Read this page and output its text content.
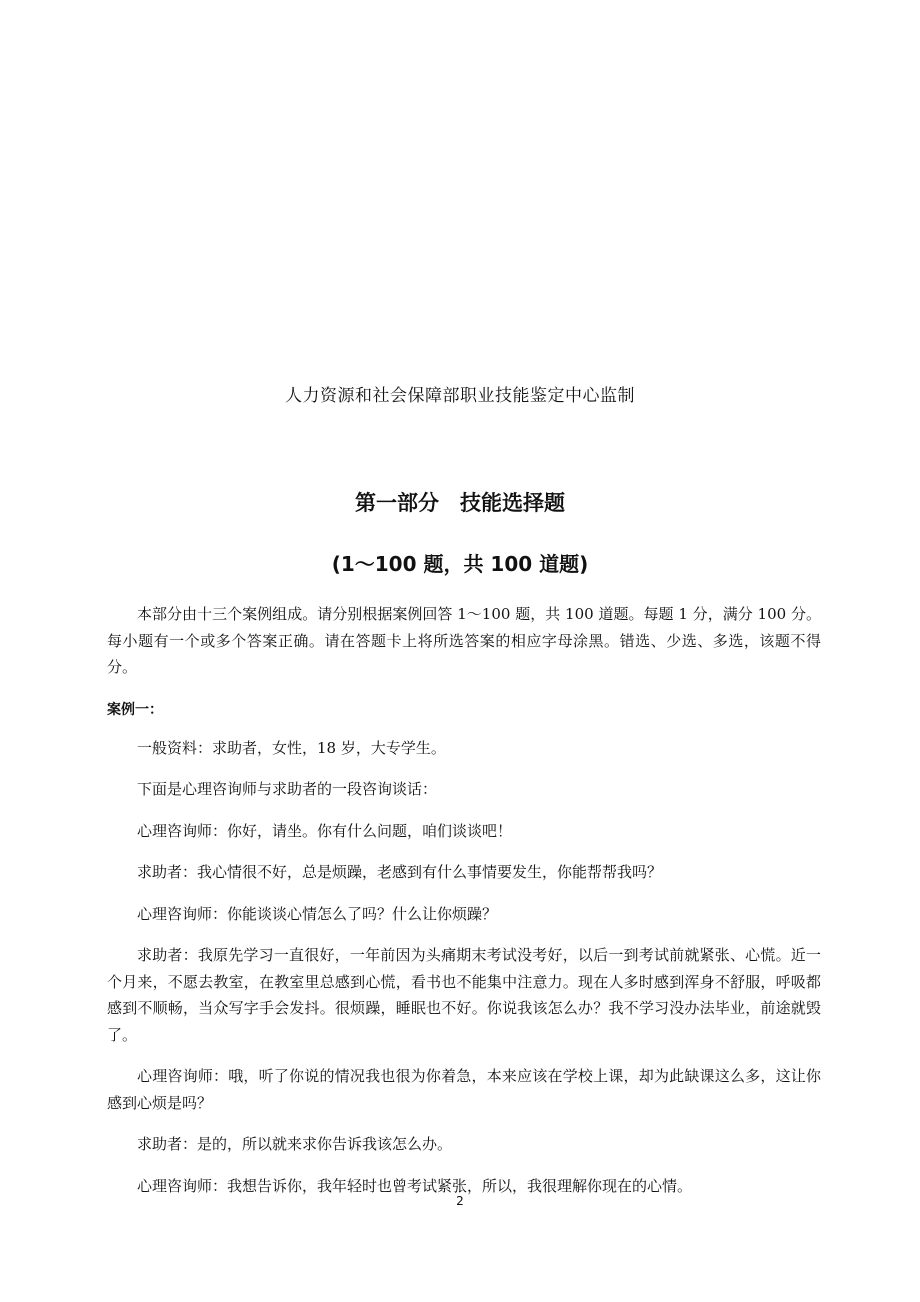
人力资源和社会保障部职业技能鉴定中心监制
第一部分　技能选择题
(1～100 题，共 100 道题)

本部分由十三个案例组成。请分别根据案例回答 1～100 题，共 100 道题。每题 1 分，满分 100 分。每小题有一个或多个答案正确。请在答题卡上将所选答案的相应字母涂黑。错选、少选、多选，该题不得分。

案例一：

一般资料：求助者，女性，18 岁，大专学生。

下面是心理咨询师与求助者的一段咨询谈话：

心理咨询师：你好，请坐。你有什么问题，咱们谈谈吧！

求助者：我心情很不好，总是烦躁，老感到有什么事情要发生，你能帮帮我吗？

心理咨询师：你能谈谈心情怎么了吗？什么让你烦躁？

求助者：我原先学习一直很好，一年前因为头痛期末考试没考好，以后一到考试前就紧张、心慌。近一个月来，不愿去教室，在教室里总感到心慌，看书也不能集中注意力。现在人多时感到浑身不舒服，呼吸都感到不顺畅，当众写字手会发抖。很烦躁，睡眠也不好。你说我该怎么办？我不学习没办法毕业，前途就毁了。

心理咨询师：哦，听了你说的情况我也很为你着急，本来应该在学校上课，却为此缺课这么多，这让你感到心烦是吗？

求助者：是的，所以就来求你告诉我该怎么办。

心理咨询师：我想告诉你，我年轻时也曾考试紧张，所以，我很理解你现在的心情。

2
